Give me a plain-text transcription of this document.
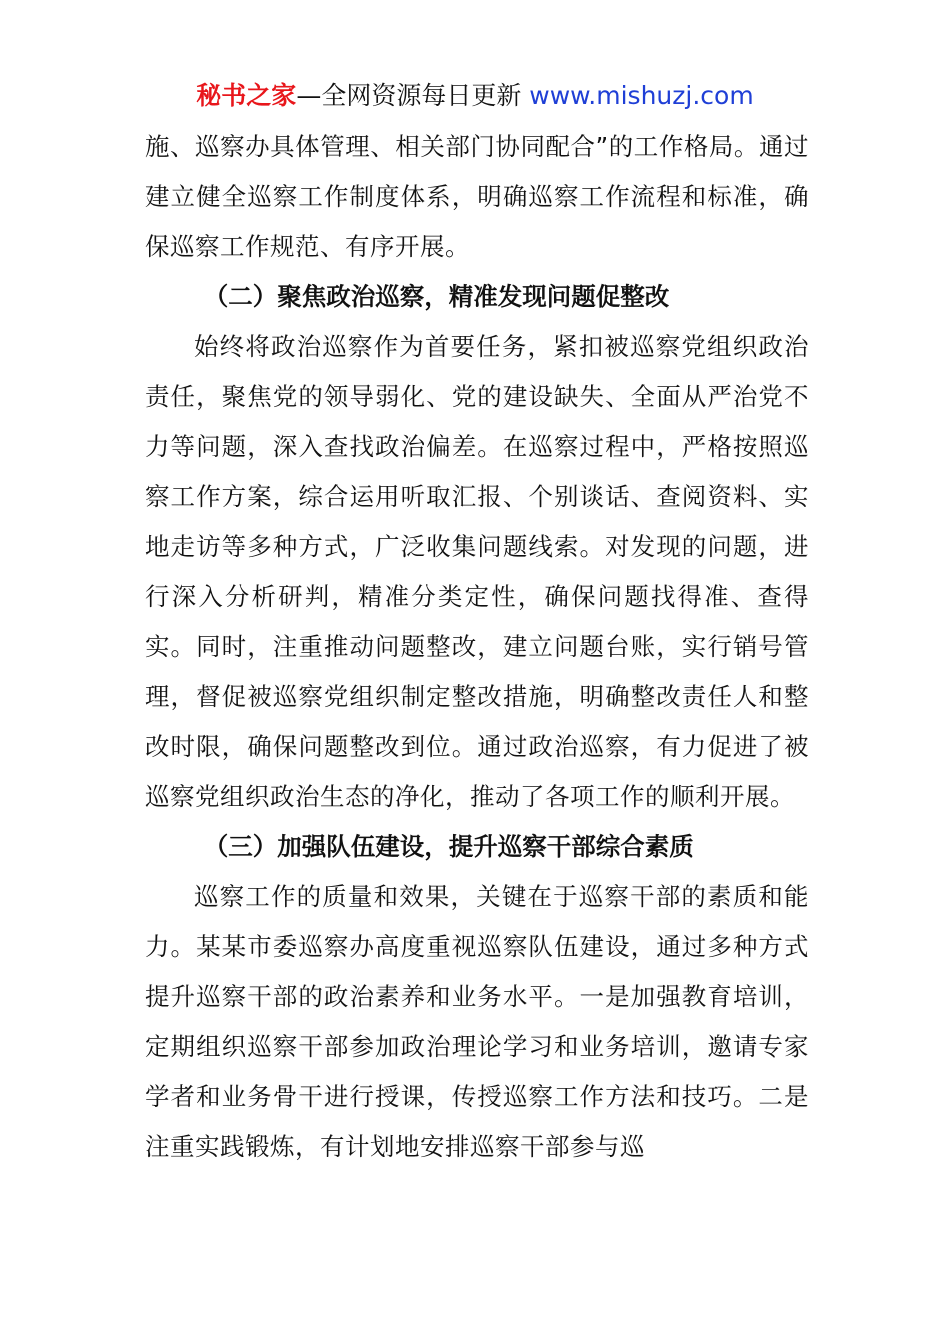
秘书之家—全网资源每日更新 www.mishuzj.com

施、巡察办具体管理、相关部门协同配合”的工作格局。通过建立健全巡察工作制度体系，明确巡察工作流程和标准，确保巡察工作规范、有序开展。

（二）聚焦政治巡察，精准发现问题促整改

始终将政治巡察作为首要任务，紧扣被巡察党组织政治责任，聚焦党的领导弱化、党的建设缺失、全面从严治党不力等问题，深入查找政治偏差。在巡察过程中，严格按照巡察工作方案，综合运用听取汇报、个别谈话、查阅资料、实地走访等多种方式，广泛收集问题线索。对发现的问题，进行深入分析研判，精准分类定性，确保问题找得准、查得实。同时，注重推动问题整改，建立问题台账，实行销号管理，督促被巡察党组织制定整改措施，明确整改责任人和整改时限，确保问题整改到位。通过政治巡察，有力促进了被巡察党组织政治生态的净化，推动了各项工作的顺利开展。

（三）加强队伍建设，提升巡察干部综合素质

巡察工作的质量和效果，关键在于巡察干部的素质和能力。某某市委巡察办高度重视巡察队伍建设，通过多种方式提升巡察干部的政治素养和业务水平。一是加强教育培训，定期组织巡察干部参加政治理论学习和业务培训，邀请专家学者和业务骨干进行授课，传授巡察工作方法和技巧。二是注重实践锻炼，有计划地安排巡察干部参与巡
